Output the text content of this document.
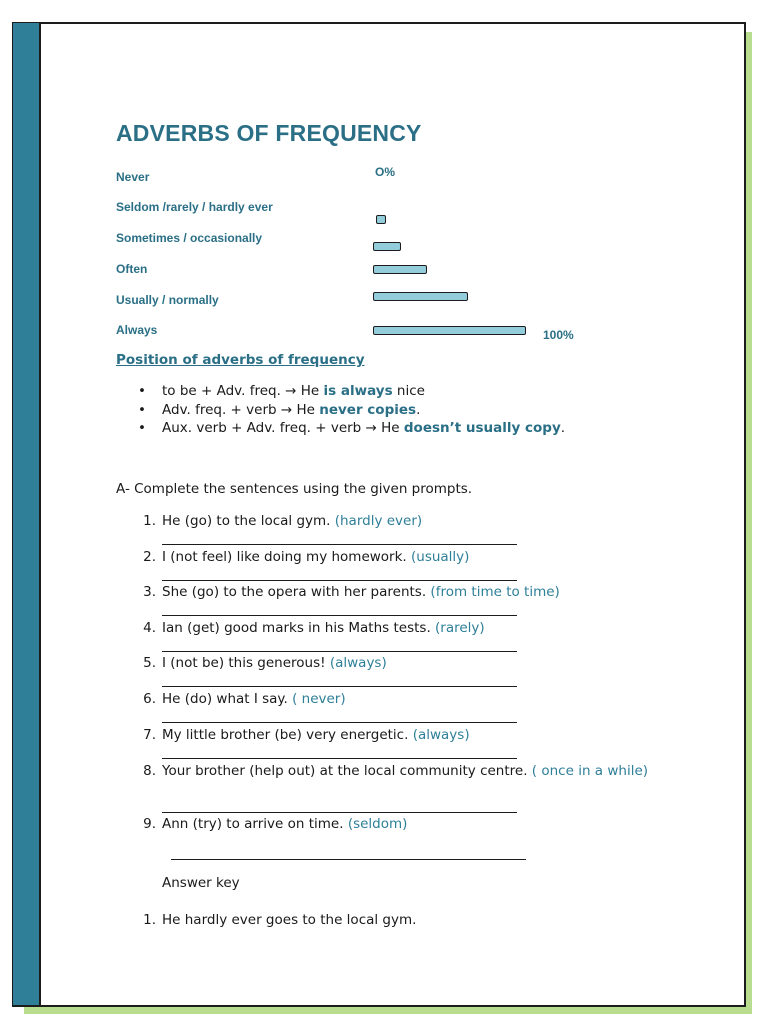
ADVERBS OF FREQUENCY
Never
Seldom /rarely / hardly ever
Sometimes / occasionally
Often
Usually / normally
Always
O%
100%
Position of adverbs of frequency
• to be + Adv. freq. → He is always nice
• Adv. freq. + verb → He never copies.
• Aux. verb + Adv. freq. + verb → He doesn’t usually copy.
A- Complete the sentences using the given prompts.
1. He (go) to the local gym. (hardly ever)
2. I (not feel) like doing my homework. (usually)
3. She (go) to the opera with her parents. (from time to time)
4. Ian (get) good marks in his Maths tests. (rarely)
5. I (not be) this generous! (always)
6. He (do) what I say. ( never)
7. My little brother (be) very energetic. (always)
8. Your brother (help out) at the local community centre. ( once in a while)
9. Ann (try) to arrive on time. (seldom)
Answer key
1. He hardly ever goes to the local gym.
